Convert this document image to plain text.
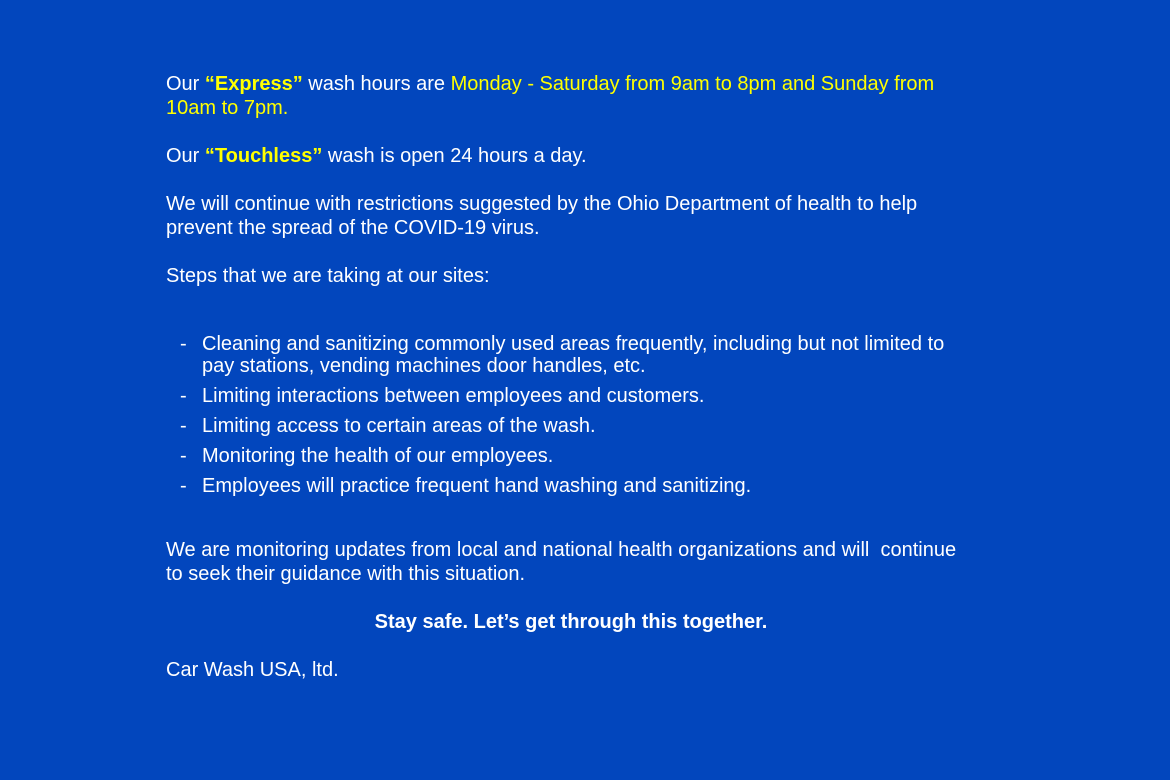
Our “Express” wash hours are Monday - Saturday from 9am to 8pm and Sunday from 10am to 7pm.

Our “Touchless” wash is open 24 hours a day.

We will continue with restrictions suggested by the Ohio Department of health to help prevent the spread of the COVID-19 virus.

Steps that we are taking at our sites:

- Cleaning and sanitizing commonly used areas frequently, including but not limited to pay stations, vending machines door handles, etc.
- Limiting interactions between employees and customers.
- Limiting access to certain areas of the wash.
- Monitoring the health of our employees.
- Employees will practice frequent hand washing and sanitizing.

We are monitoring updates from local and national health organizations and will  continue to seek their guidance with this situation.

Stay safe. Let’s get through this together.

Car Wash USA, ltd.
